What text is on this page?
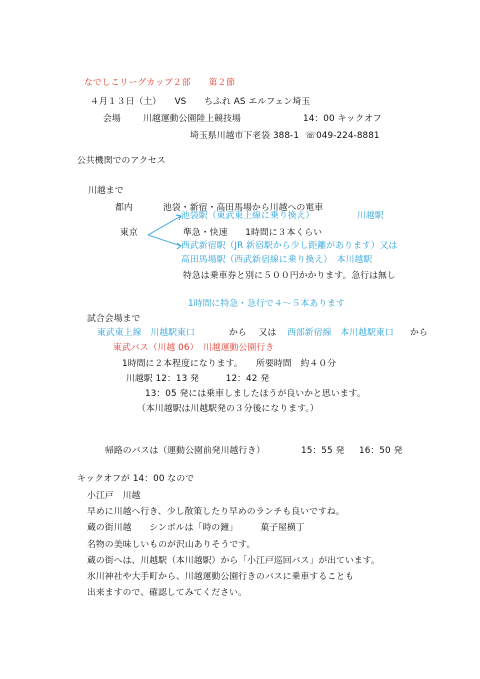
なでしこリーグカップ２部　　第２節
４月１３日（土）　　VS　　ちふれ AS エルフェン埼玉
会場	川越運動公園陸上競技場	14：00 キックオフ
埼玉県川越市下老袋 388-1 ☏049-224-8881
公共機関でのアクセス
川越まで
都内	池袋・新宿・高田馬場から川越への電車
池袋駅（東武東上線に乗り換え）	川越駅
東京	準急・快速　　1時間に３本くらい
西武新宿駅（JR 新宿駅から少し距離があります）又は
高田馬場駅（西武新宿線に乗り換え）　本川越駅
特急は乗車券と別に５００円かかります。急行は無し
1時間に特急・急行で４～５本あります
試合会場まで
東武東上線　川越駅東口	から　 又は 西部新宿線　本川越駅東口 から
東武バス（川越 06）　川越運動公園行き
1時間に２本程度になります。　　所要時間　約４０分
川越駅 12：13 発　　　12：42 発
13：05 発には乗車しましたほうが良いかと思います。
（本川越駅は川越駅発の３分後になります。）
帰路のバスは（運動公園前発川越行き）	15：55 発 16：50 発
キックオフが 14：00 なので
小江戸　川越
早めに川越へ行き、少し散策したり早めのランチも良いですね。
蔵の街川越　　シンボルは「時の鐘」　　　菓子屋横丁
名物の美味しいものが沢山ありそうです。
蔵の街へは、川越駅（本川越駅）から「小江戸巡回バス」が出ています。
氷川神社や大手町から、川越運動公園行きのバスに乗車することも
出来ますので、確認してみてください。
